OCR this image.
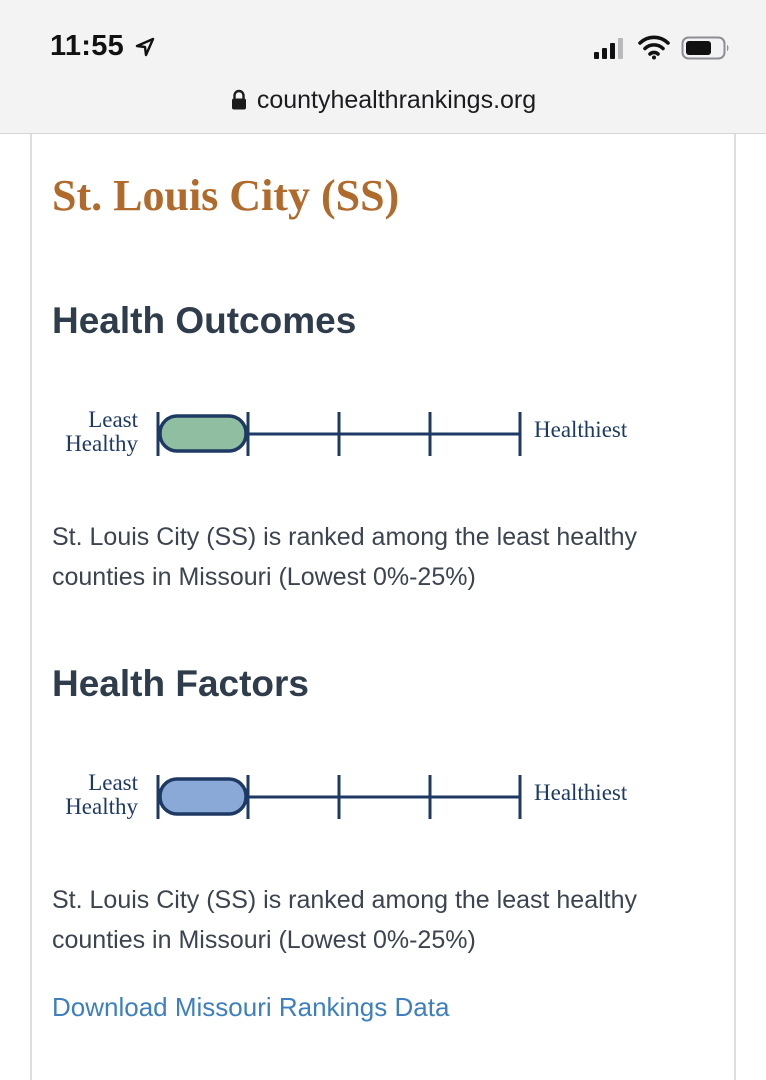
11:55
countyhealthrankings.org
St. Louis City (SS)
Health Outcomes
Least
Healthy
Healthiest

St. Louis City (SS) is ranked among the least healthy counties in Missouri (Lowest 0%-25%)

Health Factors
Least
Healthy
Healthiest

St. Louis City (SS) is ranked among the least healthy counties in Missouri (Lowest 0%-25%)

Download Missouri Rankings Data
